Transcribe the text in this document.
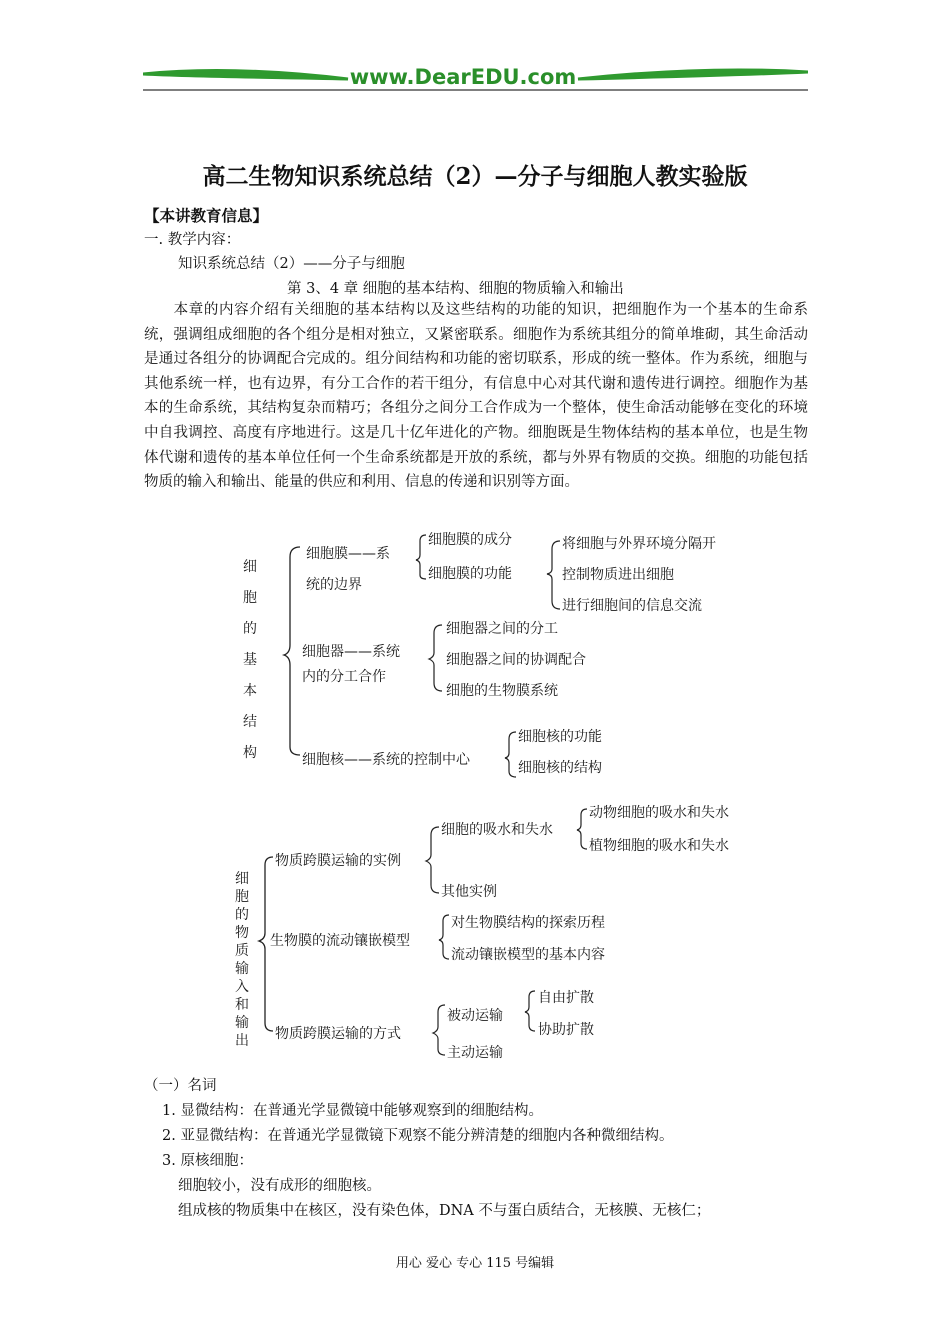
www.DearEDU.com
高二生物知识系统总结（2）—分子与细胞人教实验版
【本讲教育信息】
一. 教学内容：
知识系统总结（2）——分子与细胞
第 3、4 章 细胞的基本结构、细胞的物质输入和输出

本章的内容介绍有关细胞的基本结构以及这些结构的功能的知识，把细胞作为一个基本的生命系统，强调组成细胞的各个组分是相对独立，又紧密联系。细胞作为系统其组分的简单堆砌，其生命活动是通过各组分的协调配合完成的。组分间结构和功能的密切联系，形成的统一整体。作为系统，细胞与其他系统一样，也有边界，有分工合作的若干组分，有信息中心对其代谢和遗传进行调控。细胞作为基本的生命系统，其结构复杂而精巧；各组分之间分工合作成为一个整体，使生命活动能够在变化的环境中自我调控、高度有序地进行。这是几十亿年进化的产物。细胞既是生物体结构的基本单位，也是生物体代谢和遗传的基本单位任何一个生命系统都是开放的系统，都与外界有物质的交换。细胞的功能包括物质的输入和输出、能量的供应和利用、信息的传递和识别等方面。

细
胞
的
基
本
结
构
细胞膜——系
统的边界
细胞膜的成分
细胞膜的功能
将细胞与外界环境分隔开
控制物质进出细胞
进行细胞间的信息交流
细胞器——系统
内的分工合作
细胞器之间的分工
细胞器之间的协调配合
细胞的生物膜系统
细胞核——系统的控制中心
细胞核的功能
细胞核的结构
细
胞
的
物
质
输
入
和
输
出
物质跨膜运输的实例
细胞的吸水和失水
动物细胞的吸水和失水
植物细胞的吸水和失水
其他实例
生物膜的流动镶嵌模型
对生物膜结构的探索历程
流动镶嵌模型的基本内容
物质跨膜运输的方式
被动运输
自由扩散
协助扩散
主动运输
（一）名词
1. 显微结构：在普通光学显微镜中能够观察到的细胞结构。
2. 亚显微结构：在普通光学显微镜下观察不能分辨清楚的细胞内各种微细结构。
3. 原核细胞：
细胞较小，没有成形的细胞核。
组成核的物质集中在核区，没有染色体，DNA 不与蛋白质结合，无核膜、无核仁；
用心 爱心 专心 115 号编辑
